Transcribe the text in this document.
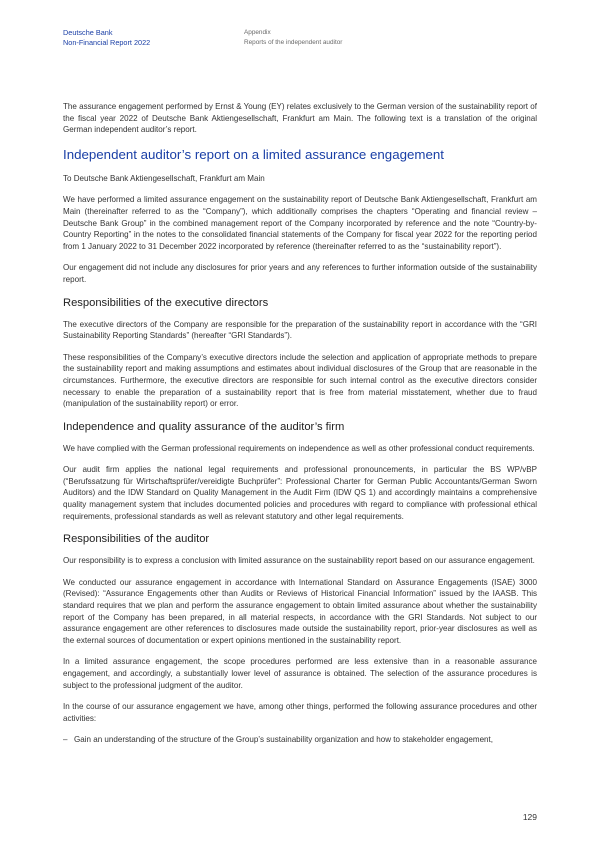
Deutsche Bank
Non-Financial Report 2022
Appendix
Reports of the independent auditor

The assurance engagement performed by Ernst & Young (EY) relates exclusively to the German version of the sustainability report of the fiscal year 2022 of Deutsche Bank Aktiengesellschaft, Frankfurt am Main. The following text is a translation of the original German independent auditor’s report.

Independent auditor’s report on a limited assurance engagement

To Deutsche Bank Aktiengesellschaft, Frankfurt am Main

We have performed a limited assurance engagement on the sustainability report of Deutsche Bank Aktiengesellschaft, Frankfurt am Main (thereinafter referred to as the “Company”), which additionally comprises the chapters “Operating and financial review – Deutsche Bank Group” in the combined management report of the Company incorporated by reference and the note “Country-by-Country Reporting” in the notes to the consolidated financial statements of the Company for fiscal year 2022 for the reporting period from 1 January 2022 to 31 December 2022 incorporated by reference (thereinafter referred to as the “sustainability report”).

Our engagement did not include any disclosures for prior years and any references to further information outside of the sustainability report.

Responsibilities of the executive directors

The executive directors of the Company are responsible for the preparation of the sustainability report in accordance with the “GRI Sustainability Reporting Standards” (hereafter “GRI Standards”).

These responsibilities of the Company’s executive directors include the selection and application of appropriate methods to prepare the sustainability report and making assumptions and estimates about individual disclosures of the Group that are reasonable in the circumstances. Furthermore, the executive directors are responsible for such internal control as the executive directors consider necessary to enable the preparation of a sustainability report that is free from material misstatement, whether due to fraud (manipulation of the sustainability report) or error.

Independence and quality assurance of the auditor’s firm

We have complied with the German professional requirements on independence as well as other professional conduct requirements.

Our audit firm applies the national legal requirements and professional pronouncements, in particular the BS WP/vBP (“Berufssatzung für Wirtschaftsprüfer/vereidigte Buchprüfer”: Professional Charter for German Public Accountants/German Sworn Auditors) and the IDW Standard on Quality Management in the Audit Firm (IDW QS 1) and accordingly maintains a comprehensive quality management system that includes documented policies and procedures with regard to compliance with professional ethical requirements, professional standards as well as relevant statutory and other legal requirements.

Responsibilities of the auditor

Our responsibility is to express a conclusion with limited assurance on the sustainability report based on our assurance engagement.

We conducted our assurance engagement in accordance with International Standard on Assurance Engagements (ISAE) 3000 (Revised): “Assurance Engagements other than Audits or Reviews of Historical Financial Information” issued by the IAASB. This standard requires that we plan and perform the assurance engagement to obtain limited assurance about whether the sustainability report of the Company has been prepared, in all material respects, in accordance with the GRI Standards. Not subject to our assurance engagement are other references to disclosures made outside the sustainability report, prior-year disclosures as well as the external sources of documentation or expert opinions mentioned in the sustainability report.

In a limited assurance engagement, the scope procedures performed are less extensive than in a reasonable assurance engagement, and accordingly, a substantially lower level of assurance is obtained. The selection of the assurance procedures is subject to the professional judgment of the auditor.

In the course of our assurance engagement we have, among other things, performed the following assurance procedures and other activities:

– Gain an understanding of the structure of the Group’s sustainability organization and how to stakeholder engagement,
129
